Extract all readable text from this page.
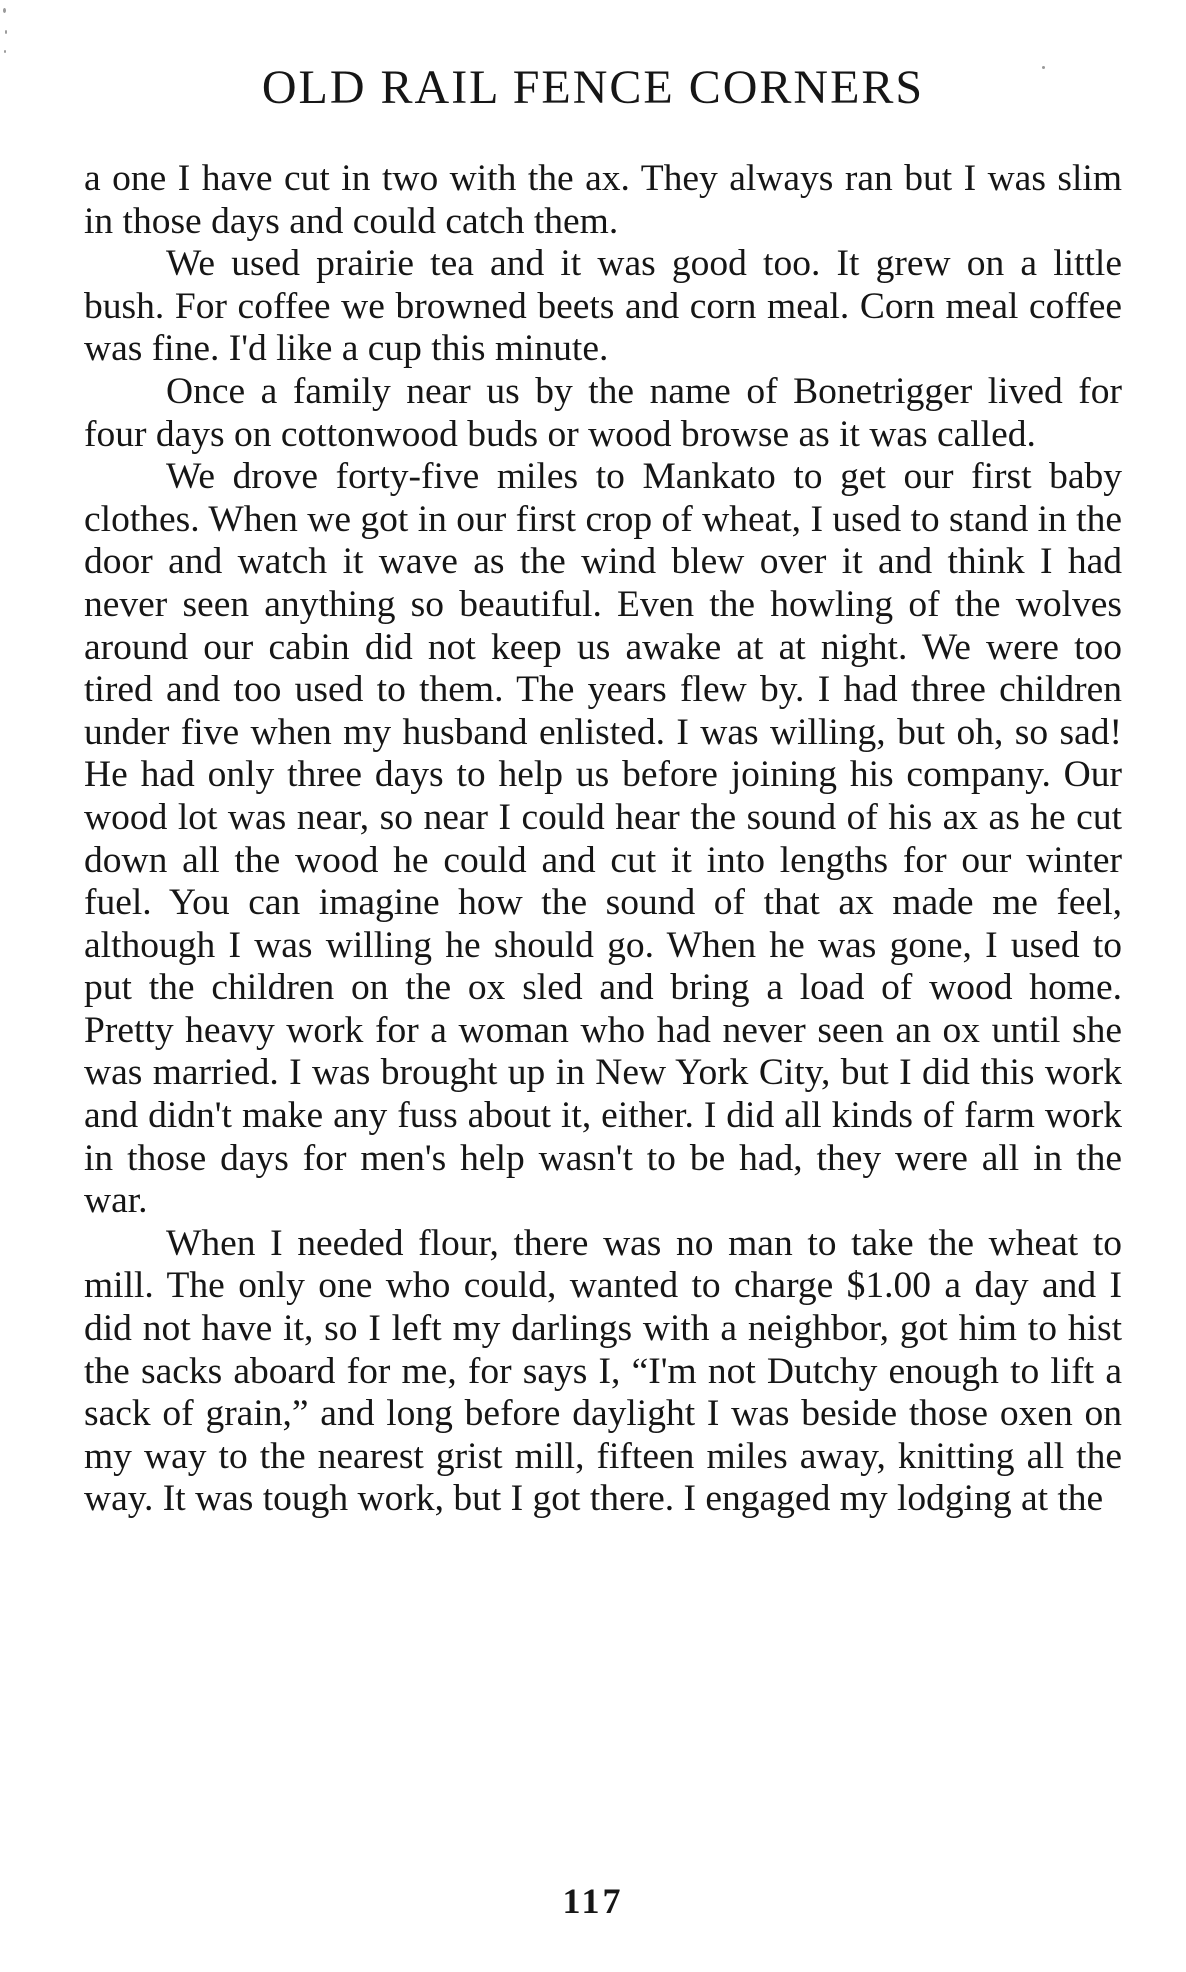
OLD RAIL FENCE CORNERS

a one I have cut in two with the ax. They always ran but I was slim in those days and could catch them.

We used prairie tea and it was good too. It grew on a little bush. For coffee we browned beets and corn meal. Corn meal coffee was fine. I'd like a cup this minute.

Once a family near us by the name of Bonetrigger lived for four days on cottonwood buds or wood browse as it was called.

We drove forty-five miles to Mankato to get our first baby clothes. When we got in our first crop of wheat, I used to stand in the door and watch it wave as the wind blew over it and think I had never seen anything so beautiful. Even the howling of the wolves around our cabin did not keep us awake at at night. We were too tired and too used to them. The years flew by. I had three children under five when my husband enlisted. I was willing, but oh, so sad! He had only three days to help us before joining his company. Our wood lot was near, so near I could hear the sound of his ax as he cut down all the wood he could and cut it into lengths for our winter fuel. You can imagine how the sound of that ax made me feel, although I was willing he should go. When he was gone, I used to put the children on the ox sled and bring a load of wood home. Pretty heavy work for a woman who had never seen an ox until she was married. I was brought up in New York City, but I did this work and didn't make any fuss about it, either. I did all kinds of farm work in those days for men's help wasn't to be had, they were all in the war.

When I needed flour, there was no man to take the wheat to mill. The only one who could, wanted to charge $1.00 a day and I did not have it, so I left my darlings with a neighbor, got him to hist the sacks aboard for me, for says I, “I'm not Dutchy enough to lift a sack of grain,” and long before daylight I was beside those oxen on my way to the nearest grist mill, fifteen miles away, knitting all the way. It was tough work, but I got there. I engaged my lodging at the

117
